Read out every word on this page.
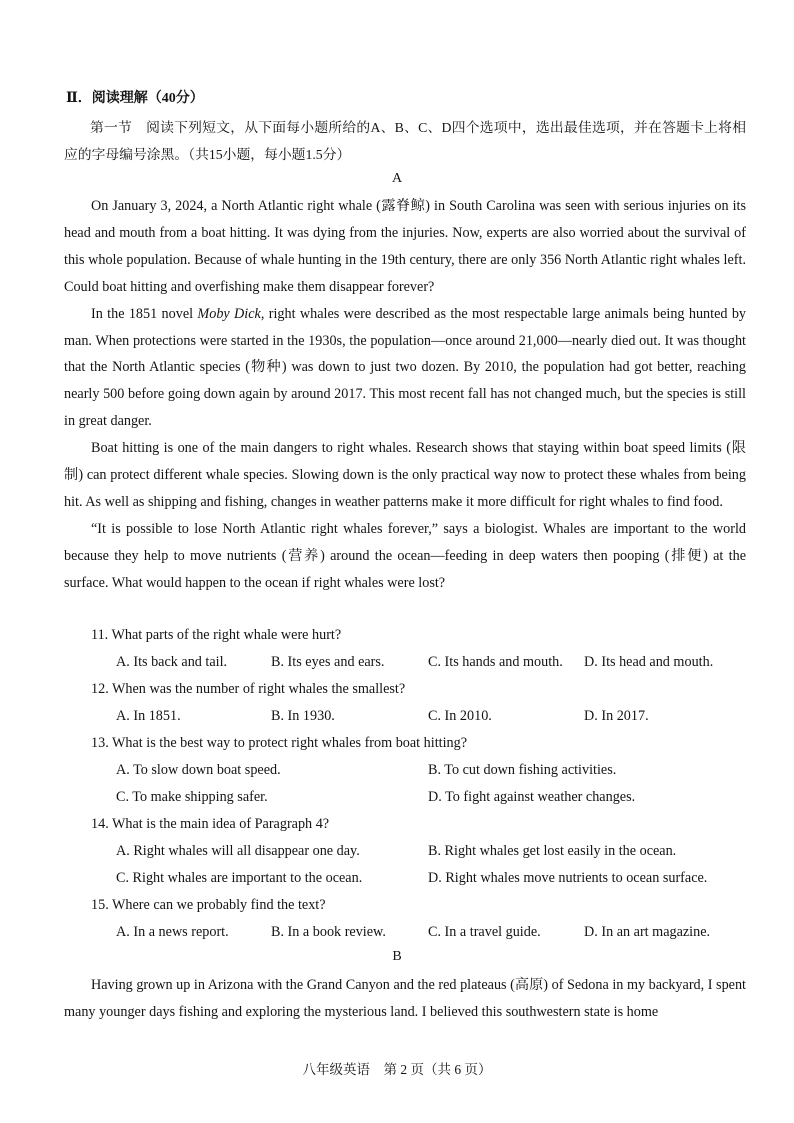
Ⅱ．阅读理解（40分）
第一节　阅读下列短文，从下面每小题所给的A、B、C、D四个选项中，选出最佳选项，并在答题卡上将相应的字母编号涂黑。（共15小题，每小题1.5分）
A

On January 3, 2024, a North Atlantic right whale (露脊鲸) in South Carolina was seen with serious injuries on its head and mouth from a boat hitting. It was dying from the injuries. Now, experts are also worried about the survival of this whole population. Because of whale hunting in the 19th century, there are only 356 North Atlantic right whales left. Could boat hitting and overfishing make them disappear forever?

In the 1851 novel Moby Dick, right whales were described as the most respectable large animals being hunted by man. When protections were started in the 1930s, the population—once around 21,000—nearly died out. It was thought that the North Atlantic species (物种) was down to just two dozen. By 2010, the population had got better, reaching nearly 500 before going down again by around 2017. This most recent fall has not changed much, but the species is still in great danger.

Boat hitting is one of the main dangers to right whales. Research shows that staying within boat speed limits (限制) can protect different whale species. Slowing down is the only practical way now to protect these whales from being hit. As well as shipping and fishing, changes in weather patterns make it more difficult for right whales to find food.

“It is possible to lose North Atlantic right whales forever,” says a biologist. Whales are important to the world because they help to move nutrients (营养) around the ocean—feeding in deep waters then pooping (排便) at the surface. What would happen to the ocean if right whales were lost?

11. What parts of the right whale were hurt?
A. Its back and tail.	B. Its eyes and ears.	C. Its hands and mouth. D. Its head and mouth.
12. When was the number of right whales the smallest?
A. In 1851.	B. In 1930.	C. In 2010.	D. In 2017.
13. What is the best way to protect right whales from boat hitting?
A. To slow down boat speed.	B. To cut down fishing activities.
C. To make shipping safer.	D. To fight against weather changes.
14. What is the main idea of Paragraph 4?
A. Right whales will all disappear one day.	B. Right whales get lost easily in the ocean.
C. Right whales are important to the ocean.	D. Right whales move nutrients to ocean surface.
15. Where can we probably find the text?
A. In a news report.	B. In a book review.	C. In a travel guide.	D. In an art magazine.
B

Having grown up in Arizona with the Grand Canyon and the red plateaus (高原) of Sedona in my backyard, I spent many younger days fishing and exploring the mysterious land. I believed this southwestern state is home

八年级英语　第 2 页（共 6 页）
